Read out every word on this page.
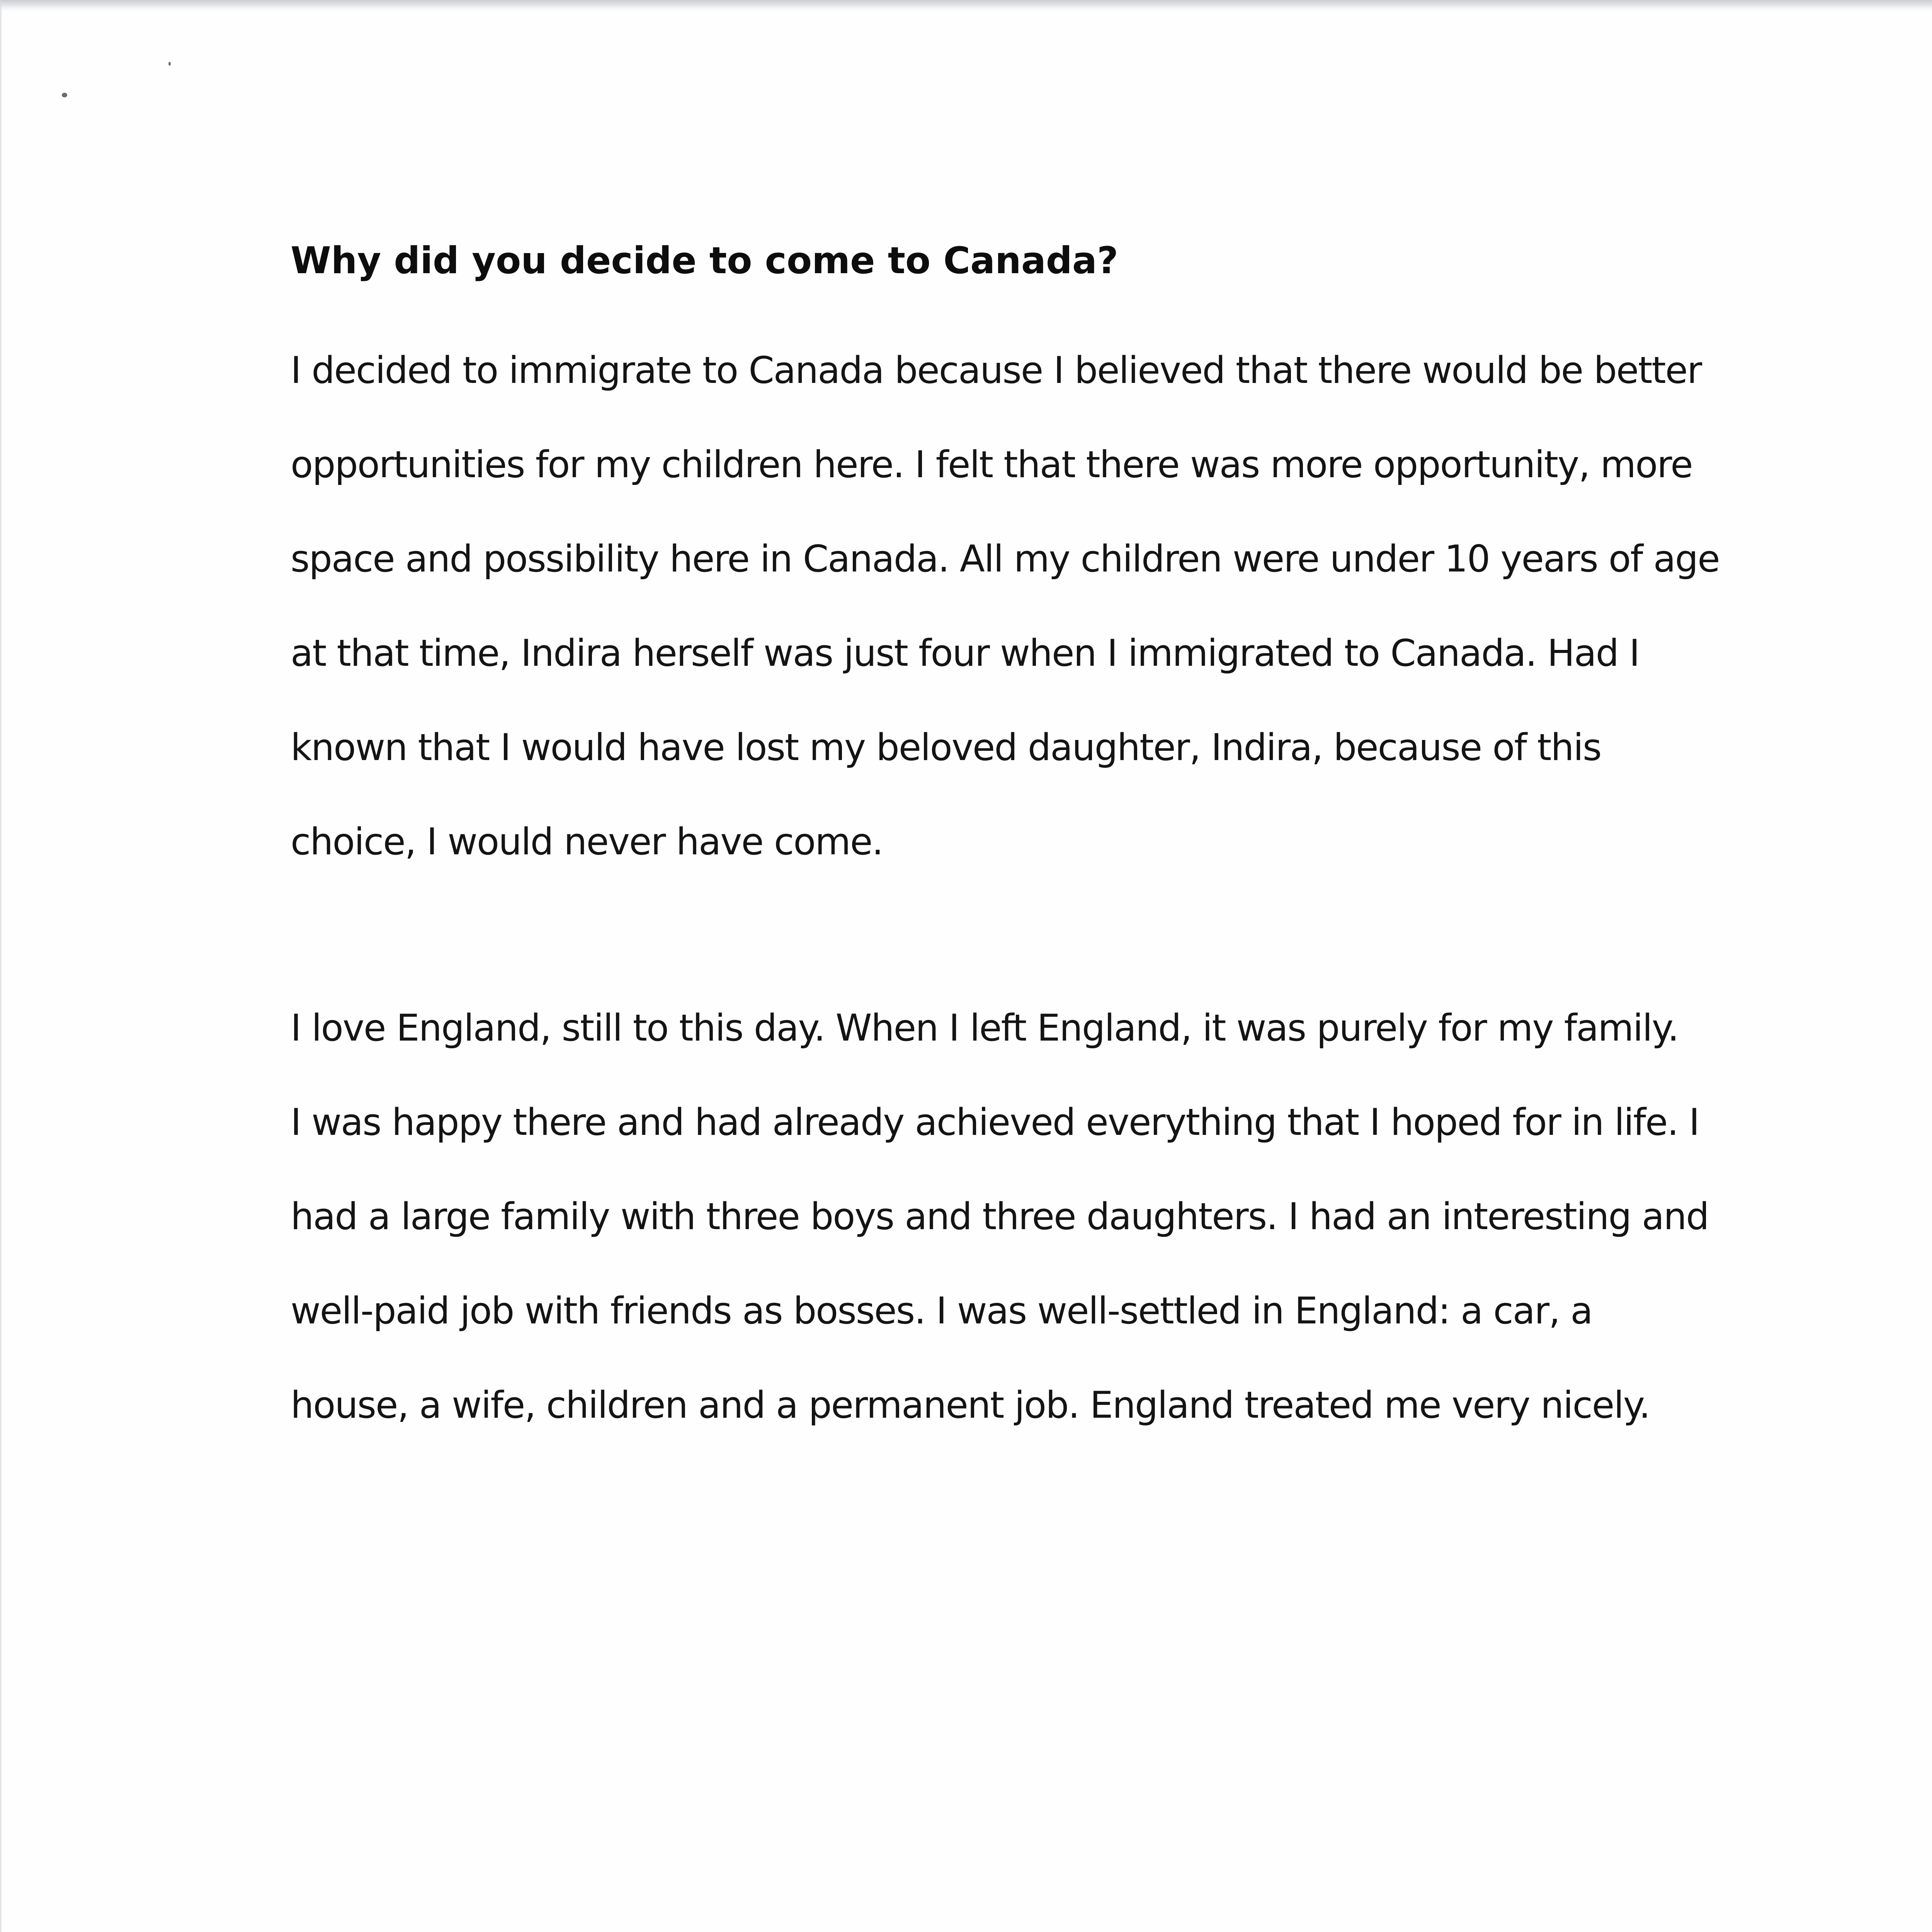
Why did you decide to come to Canada?
I decided to immigrate to Canada because I believed that there would be better
opportunities for my children here. I felt that there was more opportunity, more
space and possibility here in Canada. All my children were under 10 years of age
at that time, Indira herself was just four when I immigrated to Canada. Had I
known that I would have lost my beloved daughter, Indira, because of this
choice, I would never have come.
I love England, still to this day. When I left England, it was purely for my family.
I was happy there and had already achieved everything that I hoped for in life. I
had a large family with three boys and three daughters. I had an interesting and
well-paid job with friends as bosses. I was well-settled in England: a car, a
house, a wife, children and a permanent job. England treated me very nicely.
